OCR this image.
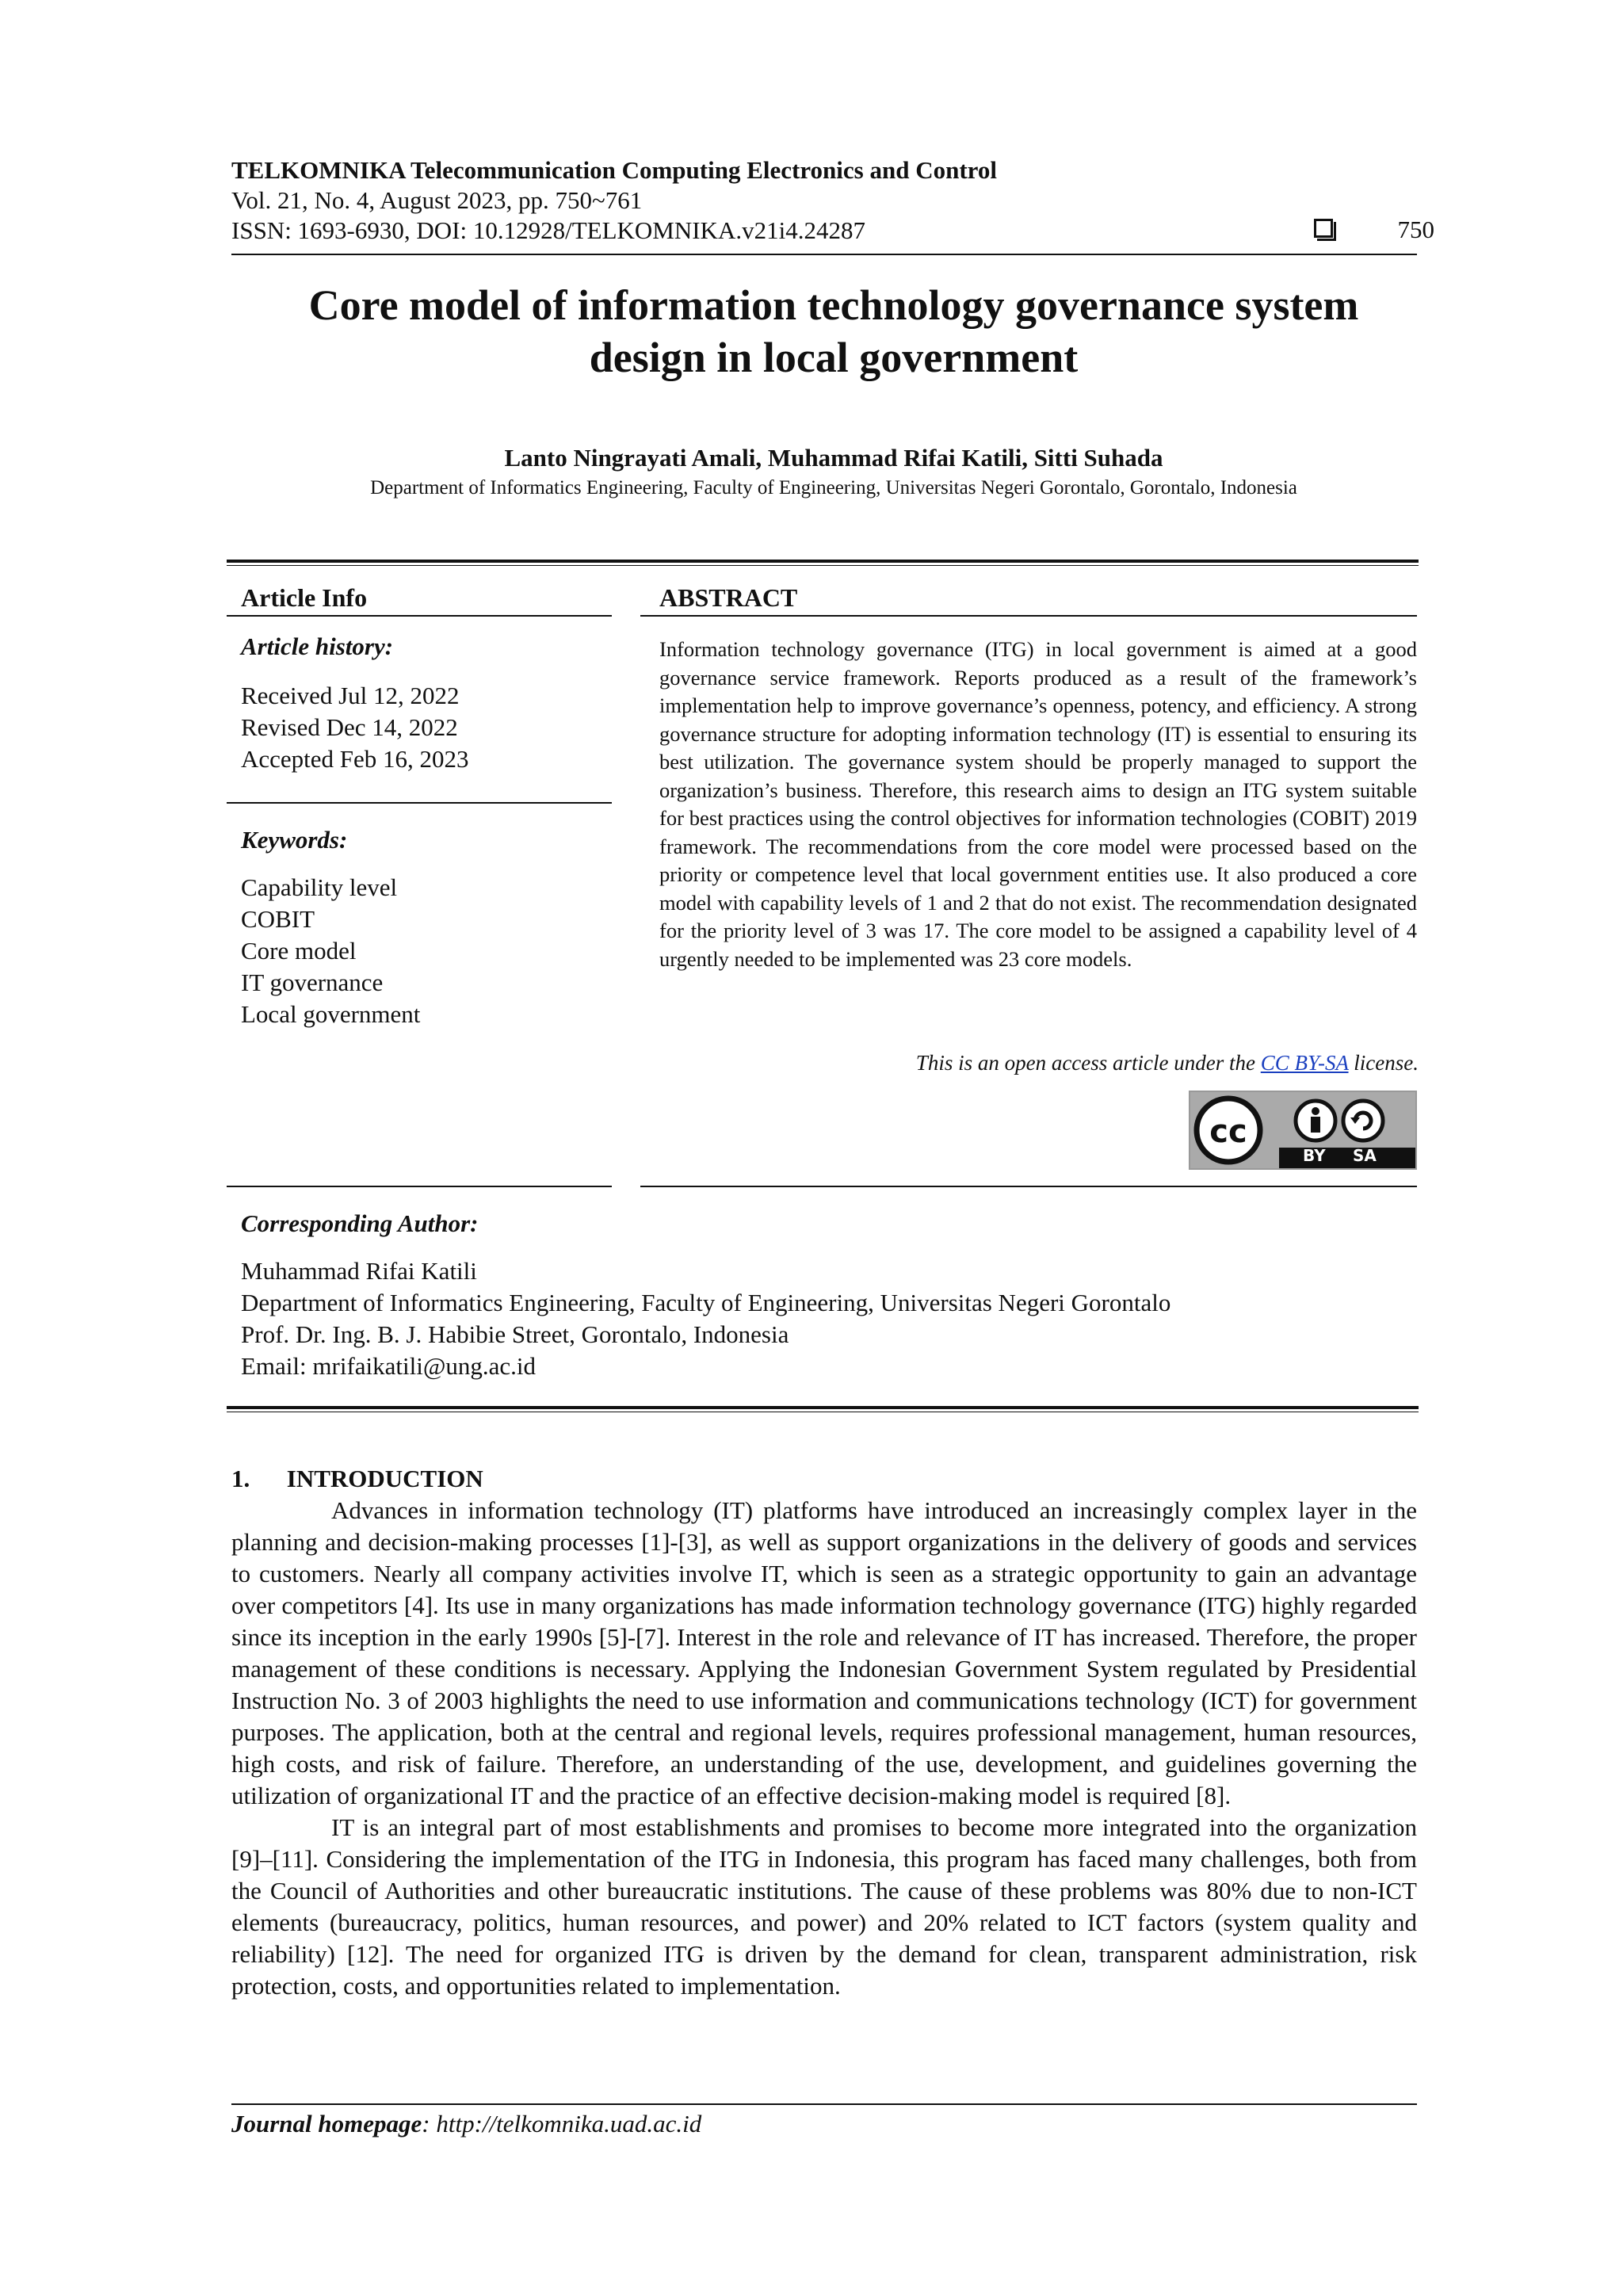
TELKOMNIKA Telecommunication Computing Electronics and Control
Vol. 21, No. 4, August 2023, pp. 750~761
ISSN: 1693-6930, DOI: 10.12928/TELKOMNIKA.v21i4.24287	750
Core model of information technology governance system
design in local government
Lanto Ningrayati Amali, Muhammad Rifai Katili, Sitti Suhada
Department of Informatics Engineering, Faculty of Engineering, Universitas Negeri Gorontalo, Gorontalo, Indonesia
Article Info
Article history:
Received Jul 12, 2022
Revised Dec 14, 2022
Accepted Feb 16, 2023
Keywords:
Capability level
COBIT
Core model
IT governance
Local government
ABSTRACT
Information technology governance (ITG) in local government is aimed at a good governance service framework. Reports produced as a result of the framework’s implementation help to improve governance’s openness, potency, and efficiency. A strong governance structure for adopting information technology (IT) is essential to ensuring its best utilization. The governance system should be properly managed to support the organization’s business. Therefore, this research aims to design an ITG system suitable for best practices using the control objectives for information technologies (COBIT) 2019 framework. The recommendations from the core model were processed based on the priority or competence level that local government entities use. It also produced a core model with capability levels of 1 and 2 that do not exist. The recommendation designated for the priority level of 3 was 17. The core model to be assigned a capability level of 4 urgently needed to be implemented was 23 core models.
This is an open access article under the CC BY-SA license.
cc
BY SA
Corresponding Author:
Muhammad Rifai Katili
Department of Informatics Engineering, Faculty of Engineering, Universitas Negeri Gorontalo
Prof. Dr. Ing. B. J. Habibie Street, Gorontalo, Indonesia
Email: mrifaikatili@ung.ac.id
1.      INTRODUCTION

Advances in information technology (IT) platforms have introduced an increasingly complex layer in the planning and decision-making processes [1]-[3], as well as support organizations in the delivery of goods and services to customers. Nearly all company activities involve IT, which is seen as a strategic opportunity to gain an advantage over competitors [4]. Its use in many organizations has made information technology governance (ITG) highly regarded since its inception in the early 1990s [5]-[7]. Interest in the role and relevance of IT has increased. Therefore, the proper management of these conditions is necessary. Applying the Indonesian Government System regulated by Presidential Instruction No. 3 of 2003 highlights the need to use information and communications technology (ICT) for government purposes. The application, both at the central and regional levels, requires professional management, human resources, high costs, and risk of failure. Therefore, an understanding of the use, development, and guidelines governing the utilization of organizational IT and the practice of an effective decision-making model is required [8].

IT is an integral part of most establishments and promises to become more integrated into the organization [9]–[11]. Considering the implementation of the ITG in Indonesia, this program has faced many challenges, both from the Council of Authorities and other bureaucratic institutions. The cause of these problems was 80% due to non-ICT elements (bureaucracy, politics, human resources, and power) and 20% related to ICT factors (system quality and reliability) [12]. The need for organized ITG is driven by the demand for clean, transparent administration, risk protection, costs, and opportunities related to implementation.

Journal homepage: http://telkomnika.uad.ac.id
